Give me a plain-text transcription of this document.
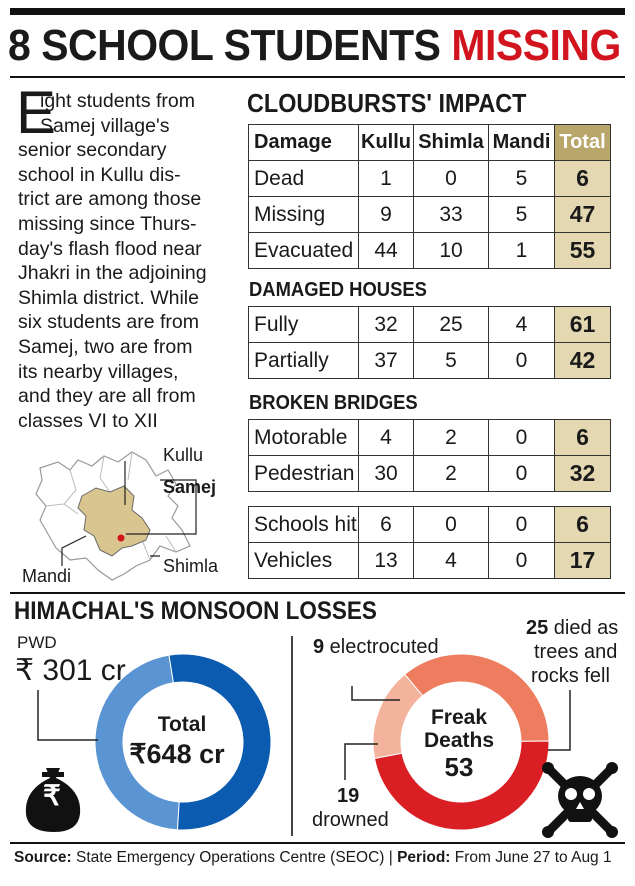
8 SCHOOL STUDENTS MISSING
E
ight students from
Samej village's
senior secondary
school in Kullu dis-
trict are among those
missing since Thurs-
day's flash flood near
Jhakri in the adjoining
Shimla district. While
six students are from
Samej, two are from
its nearby villages,
and they are all from
classes VI to XII
Kullu
Samej
Shimla
Mandi
CLOUDBURSTS' IMPACT
Damage	Kullu	Shimla	Mandi	Total
Dead	1	0	5	6
Missing	9	33	5	47
Evacuated	44	10	1	55
DAMAGED HOUSES
Fully	32	25	4	61
Partially	37	5	0	42
BROKEN BRIDGES
Motorable	4	2	0	6
Pedestrian	30	2	0	32
Schools hit	6	0	0	6
Vehicles	13	4	0	17
HIMACHAL'S MONSOON LOSSES
PWD
₹ 301 cr
₹
Total
₹648 cr
Freak Deaths
53
9 electrocuted
19
drowned
25 died as
trees and
rocks fell
Source: State Emergency Operations Centre (SEOC) | Period: From June 27 to Aug 1
